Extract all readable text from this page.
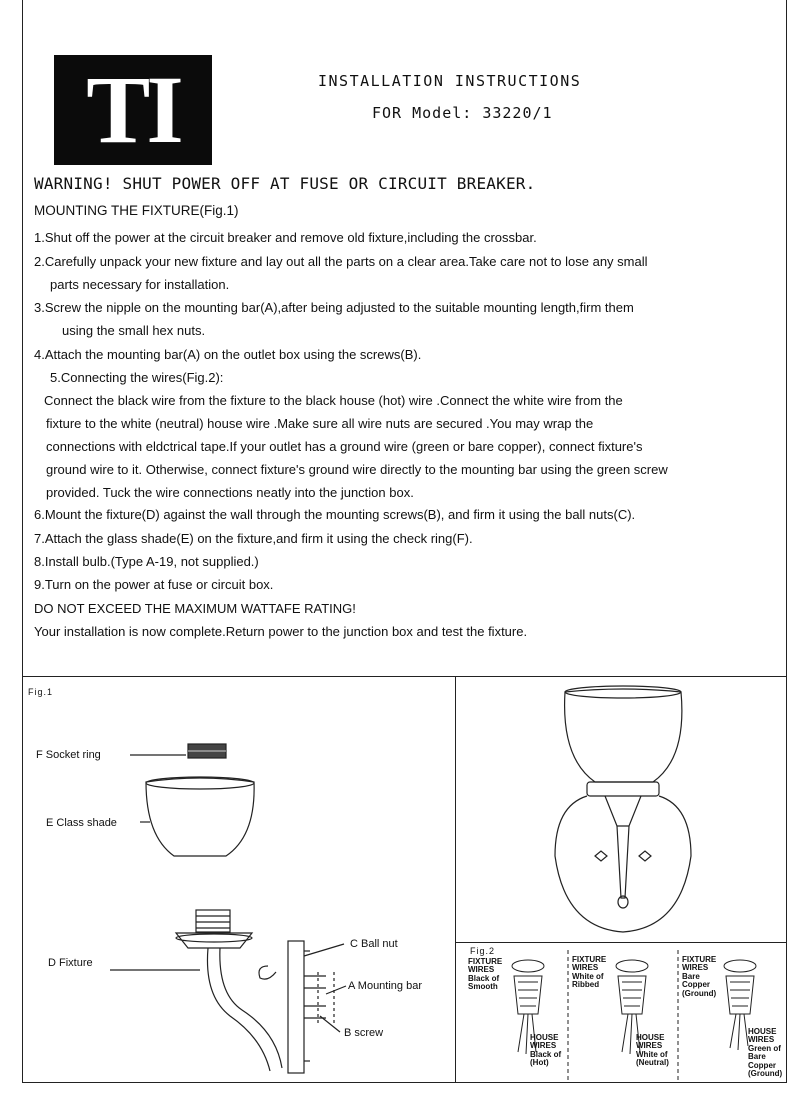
TI	INSTALLATION INSTRUCTIONS
FOR Model: 33220/1
WARNING! SHUT POWER OFF AT FUSE OR CIRCUIT BREAKER.
MOUNTING THE FIXTURE(Fig.1)
1.Shut off the power at the circuit breaker and remove old fixture,including the crossbar.
2.Carefully unpack your new fixture and lay out all the parts on a clear area.Take care not to lose any small
parts necessary for installation.
3.Screw the nipple on the mounting bar(A),after being adjusted to the suitable mounting length,firm them
using the small hex nuts.
4.Attach the mounting bar(A) on the outlet box using the screws(B).
5.Connecting the wires(Fig.2):
Connect the black wire from the fixture to the black house (hot) wire .Connect the white wire from the
fixture to the white (neutral) house wire .Make sure all wire nuts are secured .You may wrap the
connections with eldctrical tape.If your outlet has a ground wire (green or bare copper), connect fixture's
ground wire to it. Otherwise, connect fixture's ground wire directly to the mounting bar using the green screw
provided. Tuck the wire connections neatly into the junction box.
6.Mount the fixture(D) against the wall through the mounting screws(B), and firm it using the ball nuts(C).
7.Attach the glass shade(E) on the fixture,and firm it using the check ring(F).
8.Install bulb.(Type A-19, not supplied.)
9.Turn on the power at fuse or circuit box.
DO NOT EXCEED THE MAXIMUM WATTAFE RATING!
Your installation is now complete.Return power to the junction box and test the fixture.
Fig.1
F Socket ring
E Class shade
D Fixture
C Ball nut
A Mounting bar
B screw
Fig.2
FIXTURE
WIRES
Black of
Smooth
FIXTURE
WIRES
White of
Ribbed
FIXTURE
WIRES
Bare
Copper
(Ground)
HOUSE
WIRES
Black of
(Hot)
HOUSE
WIRES
White of
(Neutral)
HOUSE
WIRES
Green of
Bare
Copper
(Ground)
